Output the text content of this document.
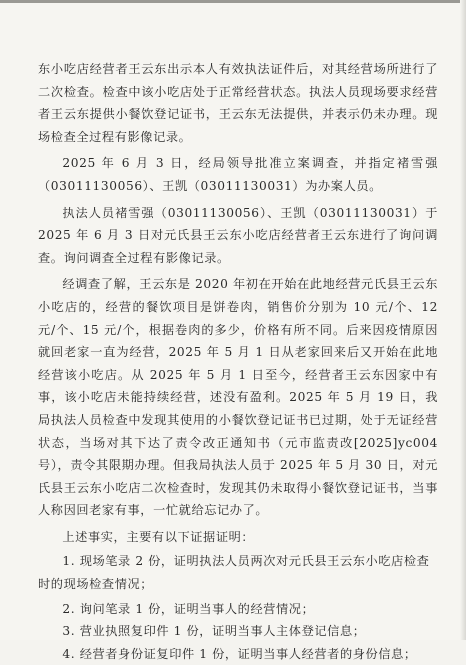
东小吃店经营者王云东出示本人有效执法证件后，对其经营场所进行了二次检查。检查中该小吃店处于正常经营状态。执法人员现场要求经营者王云东提供小餐饮登记证书，王云东无法提供，并表示仍未办理。现场检查全过程有影像记录。

2025 年 6 月 3 日，经局领导批准立案调查，并指定褚雪强（03011130056）、王凯（03011130031）为办案人员。

执法人员褚雪强（03011130056）、王凯（03011130031）于 2025 年 6 月 3 日对元氏县王云东小吃店经营者王云东进行了询问调查。询问调查全过程有影像记录。

经调查了解，王云东是 2020 年初在开始在此地经营元氏县王云东小吃店的，经营的餐饮项目是饼卷肉，销售价分别为 10 元/个、12 元/个、15 元/个，根据卷肉的多少，价格有所不同。后来因疫情原因就回老家一直为经营，2025 年 5 月 1 日从老家回来后又开始在此地经营该小吃店。从 2025 年 5 月 1 日至今，经营者王云东因家中有事，该小吃店未能持续经营，述没有盈利。2025 年 5 月 19 日，我局执法人员检查中发现其使用的小餐饮登记证书已过期，处于无证经营状态，当场对其下达了责令改正通知书（元市监责改[2025]yc004 号），责令其限期办理。但我局执法人员于 2025 年 5 月 30 日，对元氏县王云东小吃店二次检查时，发现其仍未取得小餐饮登记证书，当事人称因回老家有事，一忙就给忘记办了。

上述事实，主要有以下证据证明：

1. 现场笔录 2 份，证明执法人员两次对元氏县王云东小吃店检查时的现场检查情况；

2. 询问笔录 1 份，证明当事人的经营情况；

3. 营业执照复印件 1 份，证明当事人主体登记信息；

4. 经营者身份证复印件 1 份，证明当事人经营者的身份信息；
